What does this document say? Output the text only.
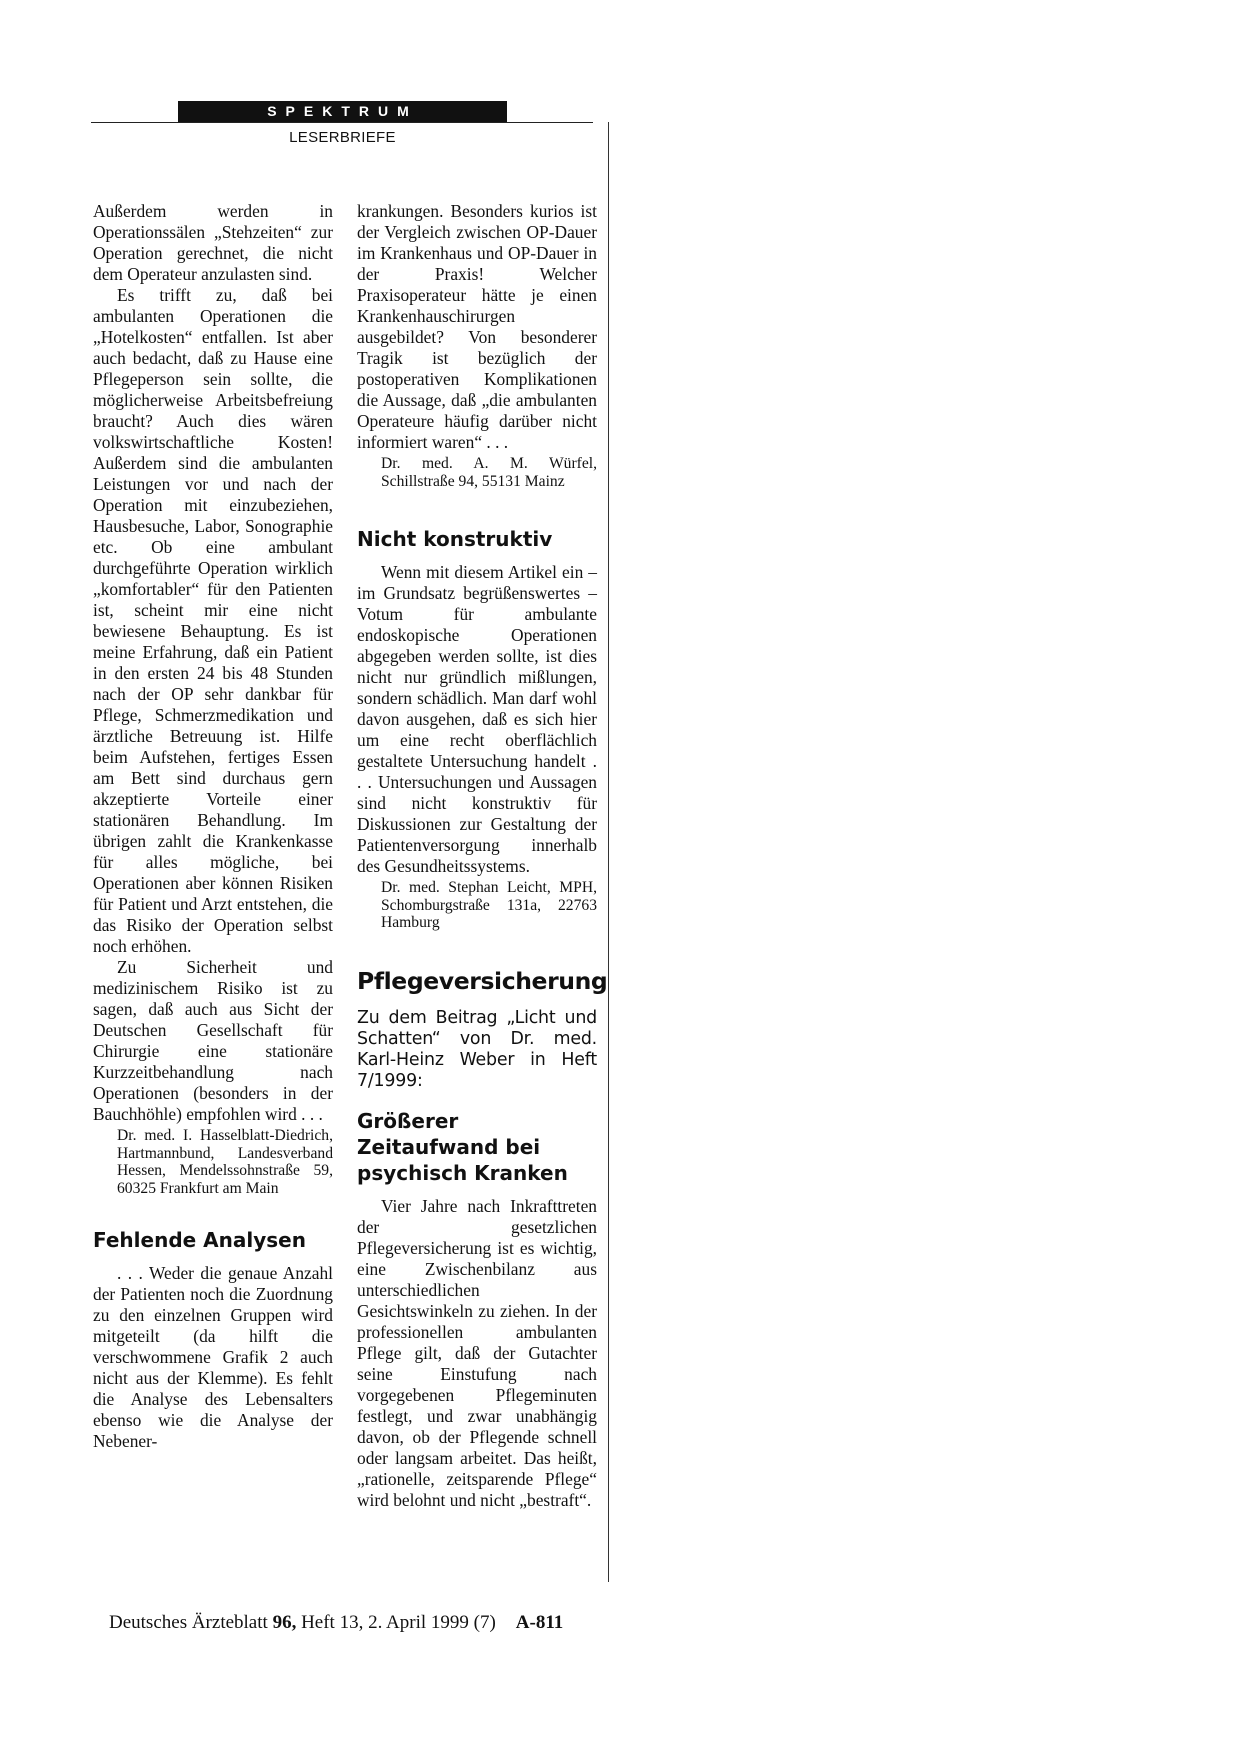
SPEKTRUM
LESERBRIEFE

Außerdem werden in Operationssälen „Stehzeiten“ zur Operation gerechnet, die nicht dem Operateur anzulasten sind.

Es trifft zu, daß bei ambulanten Operationen die „Hotelkosten“ entfallen. Ist aber auch bedacht, daß zu Hause eine Pflegeperson sein sollte, die möglicherweise Arbeitsbefreiung braucht? Auch dies wären volkswirtschaftliche Kosten! Außerdem sind die ambulanten Leistungen vor und nach der Operation mit einzubeziehen, Hausbesuche, Labor, Sonographie etc. Ob eine ambulant durchgeführte Operation wirklich „komfortabler“ für den Patienten ist, scheint mir eine nicht bewiesene Behauptung. Es ist meine Erfahrung, daß ein Patient in den ersten 24 bis 48 Stunden nach der OP sehr dankbar für Pflege, Schmerzmedikation und ärztliche Betreuung ist. Hilfe beim Aufstehen, fertiges Essen am Bett sind durchaus gern akzeptierte Vorteile einer stationären Behandlung. Im übrigen zahlt die Krankenkasse für alles mögliche, bei Operationen aber können Risiken für Patient und Arzt entstehen, die das Risiko der Operation selbst noch erhöhen.

Zu Sicherheit und medizinischem Risiko ist zu sagen, daß auch aus Sicht der Deutschen Gesellschaft für Chirurgie eine stationäre Kurzzeitbehandlung nach Operationen (besonders in der Bauchhöhle) empfohlen wird . . .

Dr. med. I. Hasselblatt-Diedrich, Hartmannbund, Landesverband Hessen, Mendelssohnstraße 59, 60325 Frankfurt am Main

Fehlende Analysen

. . . Weder die genaue Anzahl der Patienten noch die Zuordnung zu den einzelnen Gruppen wird mitgeteilt (da hilft die verschwommene Grafik 2 auch nicht aus der Klemme). Es fehlt die Analyse des Lebensalters ebenso wie die Analyse der Nebener-

krankungen. Besonders kurios ist der Vergleich zwischen OP-Dauer im Krankenhaus und OP-Dauer in der Praxis! Welcher Praxisoperateur hätte je einen Krankenhauschirurgen ausgebildet? Von besonderer Tragik ist bezüglich der postoperativen Komplikationen die Aussage, daß „die ambulanten Operateure häufig darüber nicht informiert waren“ . . .

Dr. med. A. M. Würfel, Schillstraße 94, 55131 Mainz

Nicht konstruktiv

Wenn mit diesem Artikel ein – im Grundsatz begrüßenswertes – Votum für ambulante endoskopische Operationen abgegeben werden sollte, ist dies nicht nur gründlich mißlungen, sondern schädlich. Man darf wohl davon ausgehen, daß es sich hier um eine recht oberflächlich gestaltete Untersuchung handelt . . . Untersuchungen und Aussagen sind nicht konstruktiv für Diskussionen zur Gestaltung der Patientenversorgung innerhalb des Gesundheitssystems.

Dr. med. Stephan Leicht, MPH, Schomburgstraße 131a, 22763 Hamburg

Pflegeversicherung

Zu dem Beitrag „Licht und Schatten“ von Dr. med. Karl-Heinz Weber in Heft 7/1999:

Größerer Zeitaufwand bei psychisch Kranken

Vier Jahre nach Inkrafttreten der gesetzlichen Pflegeversicherung ist es wichtig, eine Zwischenbilanz aus unterschiedlichen Gesichtswinkeln zu ziehen. In der professionellen ambulanten Pflege gilt, daß der Gutachter seine Einstufung nach vorgegebenen Pflegeminuten festlegt, und zwar unabhängig davon, ob der Pflegende schnell oder langsam arbeitet. Das heißt, „rationelle, zeitsparende Pflege“ wird belohnt und nicht „bestraft“.

Deutsches Ärzteblatt 96, Heft 13, 2. April 1999 (7) A-811
